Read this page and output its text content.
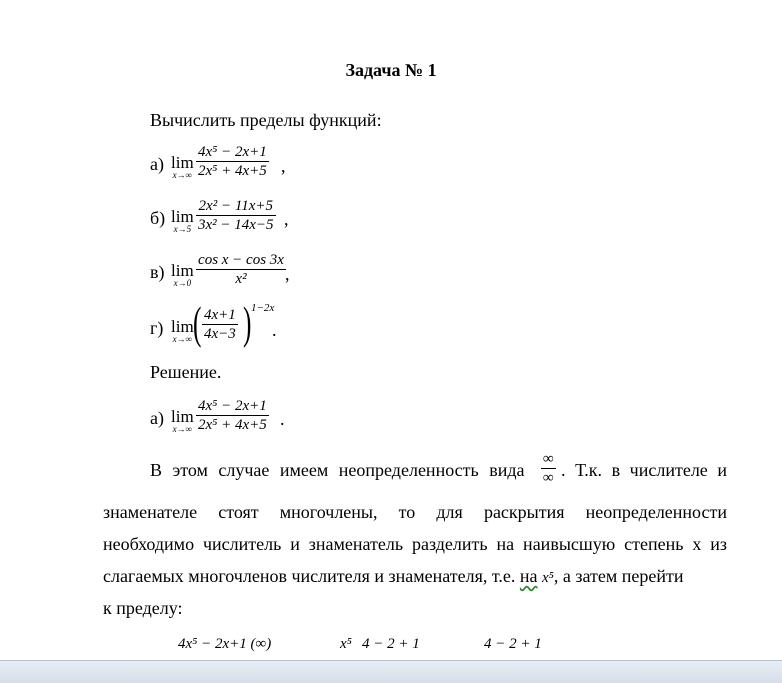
Задача № 1
Вычислить пределы функций:
а) lim
$x\to\infty \frac{\text{4x⁵ − 2x+1}}{\text{2x⁵ + 4x+5}}$ ,
б) lim
$x\to 5 \frac{\text{2x² − 11x+5}}{\text{3x² − 14x−5}}$ ,
в) lim
$x\to 0 \frac{\text{cos x − cos 3x}}{\text{x²}}$ ,
г) lim
x→∞ ( $\frac{4x+1}{4x-3}$ ) 1−2x
.
Решение.
а) lim
$x\to\infty \frac{\text{4x⁵ − 2x+1}}{\text{2x⁵ + 4x+5}}$ .
В этом случае имеем неопределенность вида
∞
∞ . Т.к. в числителе и
знаменателе стоят многочлены, то для раскрытия неопределенности
необходимо числитель и знаменатель разделить на наивысшую степень х из
слагаемых многочленов числителя и знаменателя, т.е. на x⁵, а затем перейти
к пределу:
4x⁵ − 2x+1 (∞)	x⁵ 4 − 2 + 1	4 − 2 + 1
